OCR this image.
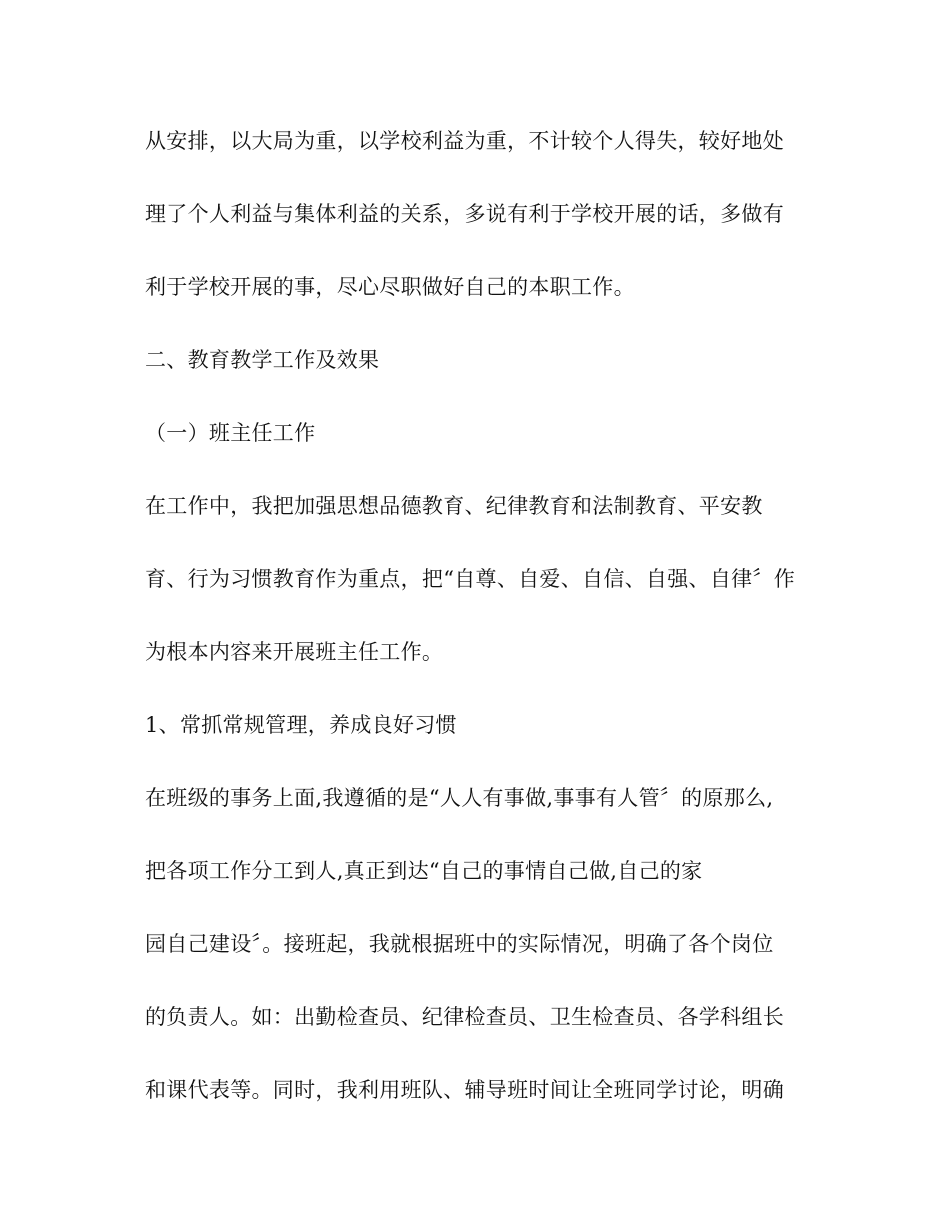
从安排，以大局为重，以学校利益为重，不计较个人得失，较好地处

理了个人利益与集体利益的关系，多说有利于学校开展的话，多做有

利于学校开展的事，尽心尽职做好自己的本职工作。

二、教育教学工作及效果

（一）班主任工作

在工作中，我把加强思想品德教育、纪律教育和法制教育、平安教

育、行为习惯教育作为重点，把“自尊、自爱、自信、自强、自律〞作

为根本内容来开展班主任工作。

1、常抓常规管理，养成良好习惯

在班级的事务上面,我遵循的是“人人有事做,事事有人管〞的原那么,

把各项工作分工到人,真正到达“自己的事情自己做,自己的家

园自己建设〞。接班起，我就根据班中的实际情况，明确了各个岗位

的负责人。如：出勤检查员、纪律检查员、卫生检查员、各学科组长

和课代表等。同时，我利用班队、辅导班时间让全班同学讨论，明确
